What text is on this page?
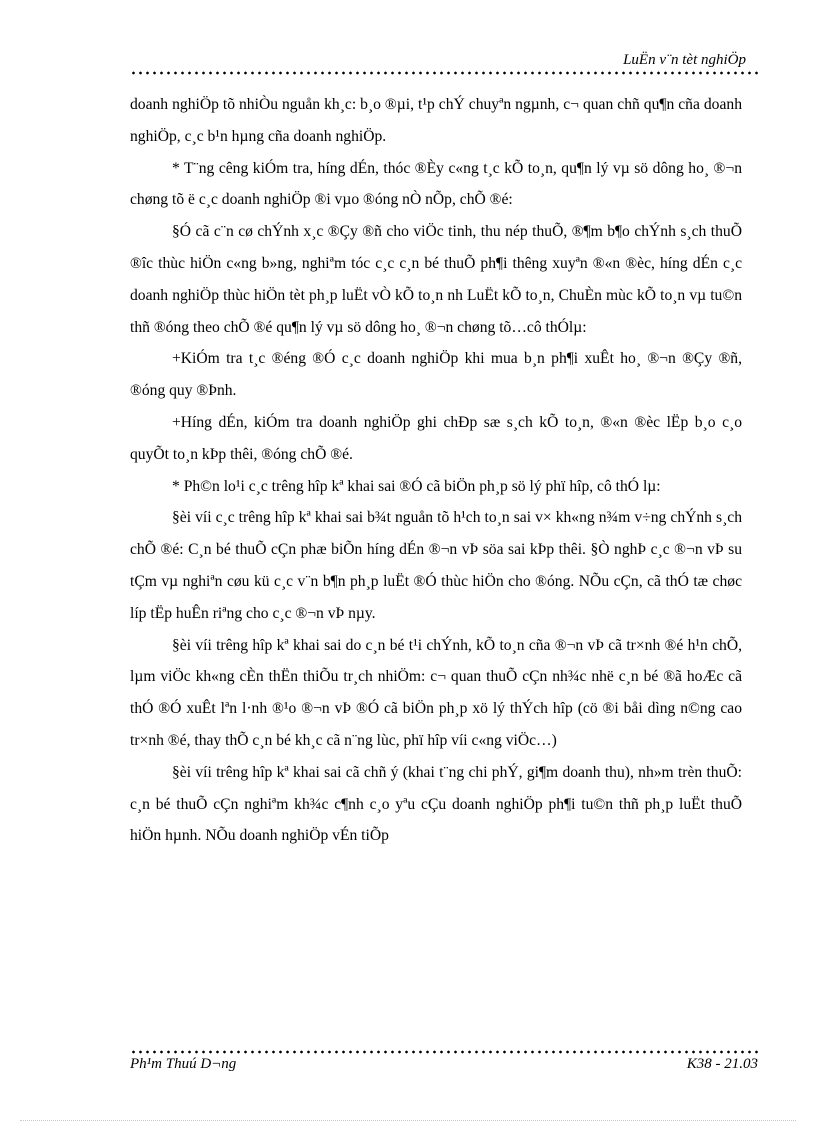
LuËn v¨n tèt nghiÖp

doanh nghiÖp tõ nhiÒu nguån kh¸c: b¸o ®µi, t¹p chÝ chuyªn ngµnh, c¬ quan chñ qu¶n cña doanh nghiÖp, c¸c b¹n hµng cña doanh nghiÖp.

* T¨ng cêng kiÓm tra, híng dÉn, thóc ®Èy c«ng t¸c kÕ to¸n, qu¶n lý vµ sö dông ho¸ ®¬n chøng tõ ë c¸c doanh nghiÖp ®i vµo ®óng nÒ nÕp, chÕ ®é:

§Ó cã c¨n cø chÝnh x¸c ®Çy ®ñ cho viÖc tinh, thu nép thuÕ, ®¶m b¶o chÝnh s¸ch thuÕ ®îc thùc hiÖn c«ng b»ng, nghiªm tóc c¸c c¸n bé thuÕ ph¶i thêng xuyªn ®«n ®èc, híng dÉn c¸c doanh nghiÖp thùc hiÖn tèt ph¸p luËt vÒ kÕ to¸n nh LuËt kÕ to¸n, ChuÈn mùc kÕ to¸n vµ tu©n thñ ®óng theo chÕ ®é qu¶n lý vµ sö dông ho¸ ®¬n chøng tõ…cô thÓlµ:

+KiÓm tra t¸c ®éng ®Ó c¸c doanh nghiÖp khi mua b¸n ph¶i xuÊt ho¸ ®¬n ®Çy ®ñ, ®óng quy ®Þnh.

+Híng dÉn, kiÓm tra doanh nghiÖp ghi chÐp sæ s¸ch kÕ to¸n, ®«n ®èc lËp b¸o c¸o quyÕt to¸n kÞp thêi, ®óng chÕ ®é.

* Ph©n lo¹i c¸c trêng hîp kª khai sai ®Ó cã biÖn ph¸p sö lý phï hîp, cô thÓ lµ:

§èi víi c¸c trêng hîp kª khai sai b¾t nguån tõ h¹ch to¸n sai v× kh«ng n¾m v÷ng chÝnh s¸ch chÕ ®é: C¸n bé thuÕ cÇn phæ biÕn híng dÉn ®¬n vÞ söa sai kÞp thêi. §Ò nghÞ c¸c ®¬n vÞ su tÇm vµ nghiªn cøu kü c¸c v¨n b¶n ph¸p luËt ®Ó thùc hiÖn cho ®óng. NÕu cÇn, cã thÓ tæ chøc líp tËp huÊn riªng cho c¸c ®¬n vÞ nµy.

§èi víi trêng hîp kª khai sai do c¸n bé t¹i chÝnh, kÕ to¸n cña ®¬n vÞ cã tr×nh ®é h¹n chÕ, lµm viÖc kh«ng cÈn thËn thiÕu tr¸ch nhiÖm: c¬ quan thuÕ cÇn nh¾c nhë c¸n bé ®ã hoÆc cã thÓ ®Ó xuÊt lªn l·nh ®¹o ®¬n vÞ ®Ó cã biÖn ph¸p xö lý thÝch hîp (cö ®i båi dìng n©ng cao tr×nh ®é, thay thÕ c¸n bé kh¸c cã n¨ng lùc, phï hîp víi c«ng viÖc…)

§èi víi trêng hîp kª khai sai cã chñ ý (khai t¨ng chi phÝ, gi¶m doanh thu), nh»m trèn thuÕ: c¸n bé thuÕ cÇn nghiªm kh¾c c¶nh c¸o yªu cÇu doanh nghiÖp ph¶i tu©n thñ ph¸p luËt thuÕ hiÖn hµnh. NÕu doanh nghiÖp vÉn tiÕp

Ph¹m Thuú D¬ng	K38 - 21.03
